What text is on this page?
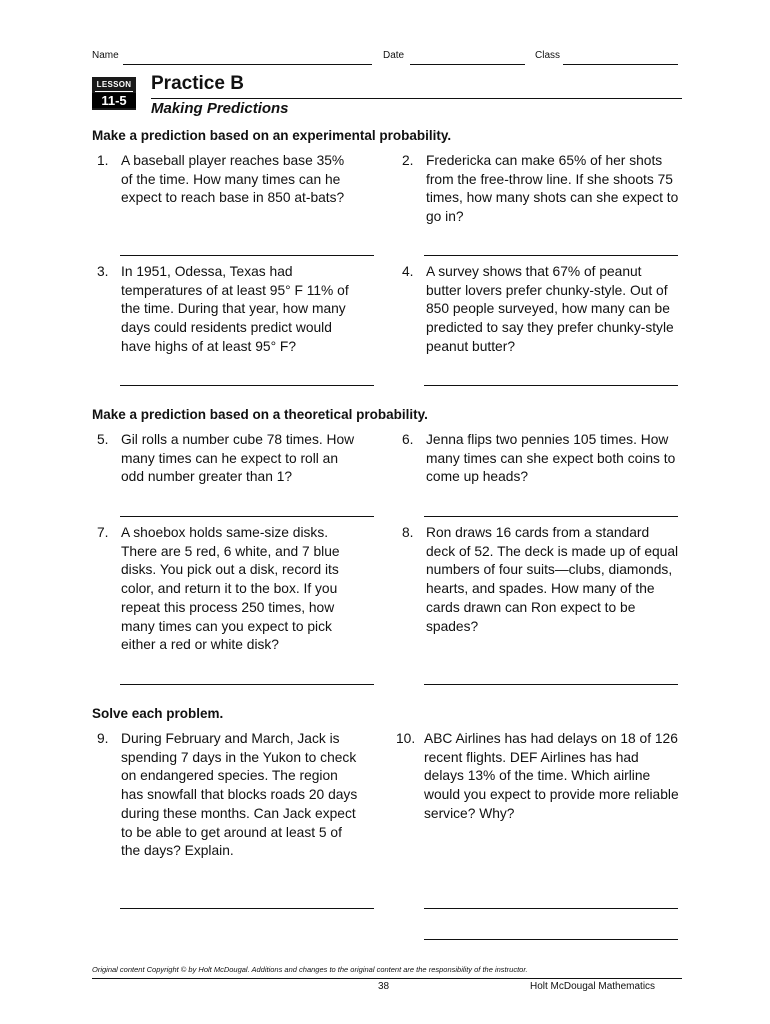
Name	Date	Class
LESSON
11-5
Practice B
Making Predictions
Make a prediction based on an experimental probability.
1. A baseball player reaches base 35% of the time. How many times can he expect to reach base in 850 at-bats?
2. Fredericka can make 65% of her shots from the free-throw line. If she shoots 75 times, how many shots can she expect to go in?
3. In 1951, Odessa, Texas had temperatures of at least 95° F 11% of the time. During that year, how many days could residents predict would have highs of at least 95° F?
4. A survey shows that 67% of peanut butter lovers prefer chunky-style. Out of 850 people surveyed, how many can be predicted to say they prefer chunky-style peanut butter?
Make a prediction based on a theoretical probability.
5. Gil rolls a number cube 78 times. How many times can he expect to roll an odd number greater than 1?
6. Jenna flips two pennies 105 times. How many times can she expect both coins to come up heads?
7. A shoebox holds same-size disks. There are 5 red, 6 white, and 7 blue disks. You pick out a disk, record its color, and return it to the box. If you repeat this process 250 times, how many times can you expect to pick either a red or white disk?
8. Ron draws 16 cards from a standard deck of 52. The deck is made up of equal numbers of four suits—clubs, diamonds, hearts, and spades. How many of the cards drawn can Ron expect to be spades?
Solve each problem.
9. During February and March, Jack is spending 7 days in the Yukon to check on endangered species. The region has snowfall that blocks roads 20 days during these months. Can Jack expect to be able to get around at least 5 of the days? Explain.
10. ABC Airlines has had delays on 18 of 126 recent flights. DEF Airlines has had delays 13% of the time. Which airline would you expect to provide more reliable service? Why?
Original content Copyright © by Holt McDougal. Additions and changes to the original content are the responsibility of the instructor.
38	Holt McDougal Mathematics
